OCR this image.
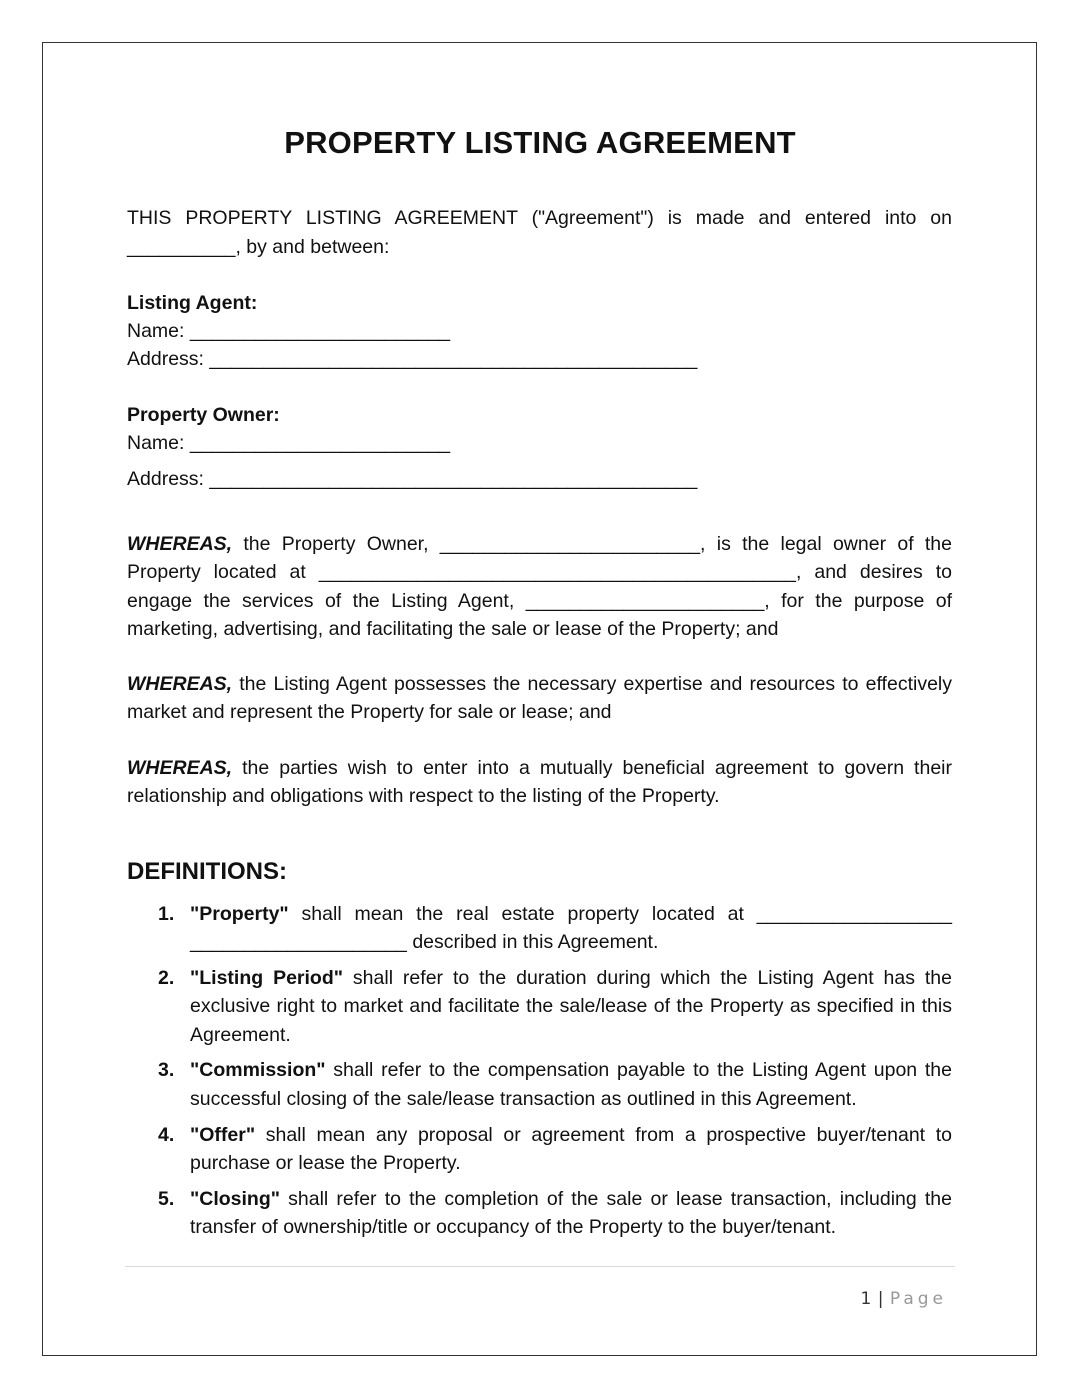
PROPERTY LISTING AGREEMENT
THIS PROPERTY LISTING AGREEMENT ("Agreement") is made and entered into on
__________, by and between:
Listing Agent:
Name: ________________________
Address: _____________________________________________
Property Owner:
Name: ________________________
Address: _____________________________________________

WHEREAS, the Property Owner, ________________________, is the legal owner of the Property located at ____________________________________________, and desires to engage the services of the Listing Agent, ______________________, for the purpose of marketing, advertising, and facilitating the sale or lease of the Property; and

WHEREAS, the Listing Agent possesses the necessary expertise and resources to effectively market and represent the Property for sale or lease; and

WHEREAS, the parties wish to enter into a mutually beneficial agreement to govern their relationship and obligations with respect to the listing of the Property.

DEFINITIONS:
1. "Property" shall mean the real estate property located at __________________ ____________________ described in this Agreement.
2. "Listing Period" shall refer to the duration during which the Listing Agent has the exclusive right to market and facilitate the sale/lease of the Property as specified in this Agreement.
3. "Commission" shall refer to the compensation payable to the Listing Agent upon the successful closing of the sale/lease transaction as outlined in this Agreement.
4. "Offer" shall mean any proposal or agreement from a prospective buyer/tenant to purchase or lease the Property.
5. "Closing" shall refer to the completion of the sale or lease transaction, including the transfer of ownership/title or occupancy of the Property to the buyer/tenant.
1 | Page
